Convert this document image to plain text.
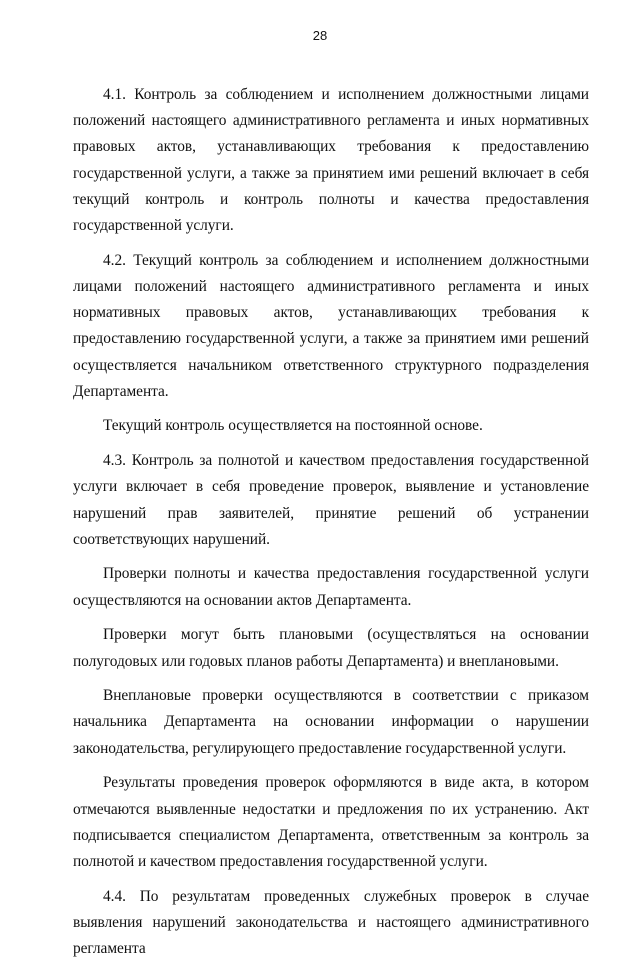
28

4.1. Контроль за соблюдением и исполнением должностными лицами положений настоящего административного регламента и иных нормативных правовых актов, устанавливающих требования к предоставлению государственной услуги, а также за принятием ими решений включает в себя текущий контроль и контроль полноты и качества предоставления государственной услуги.

4.2. Текущий контроль за соблюдением и исполнением должностными лицами положений настоящего административного регламента и иных нормативных правовых актов, устанавливающих требования к предоставлению государственной услуги, а также за принятием ими решений осуществляется начальником ответственного структурного подразделения Департамента.

Текущий контроль осуществляется на постоянной основе.

4.3. Контроль за полнотой и качеством предоставления государственной услуги включает в себя проведение проверок, выявление и установление нарушений прав заявителей, принятие решений об устранении соответствующих нарушений.

Проверки полноты и качества предоставления государственной услуги осуществляются на основании актов Департамента.

Проверки могут быть плановыми (осуществляться на основании полугодовых или годовых планов работы Департамента) и внеплановыми.

Внеплановые проверки осуществляются в соответствии с приказом начальника Департамента на основании информации о нарушении законодательства, регулирующего предоставление государственной услуги.

Результаты проведения проверок оформляются в виде акта, в котором отмечаются выявленные недостатки и предложения по их устранению. Акт подписывается специалистом Департамента, ответственным за контроль за полнотой и качеством предоставления государственной услуги.

4.4. По результатам проведенных служебных проверок в случае выявления нарушений законодательства и настоящего административного регламента
